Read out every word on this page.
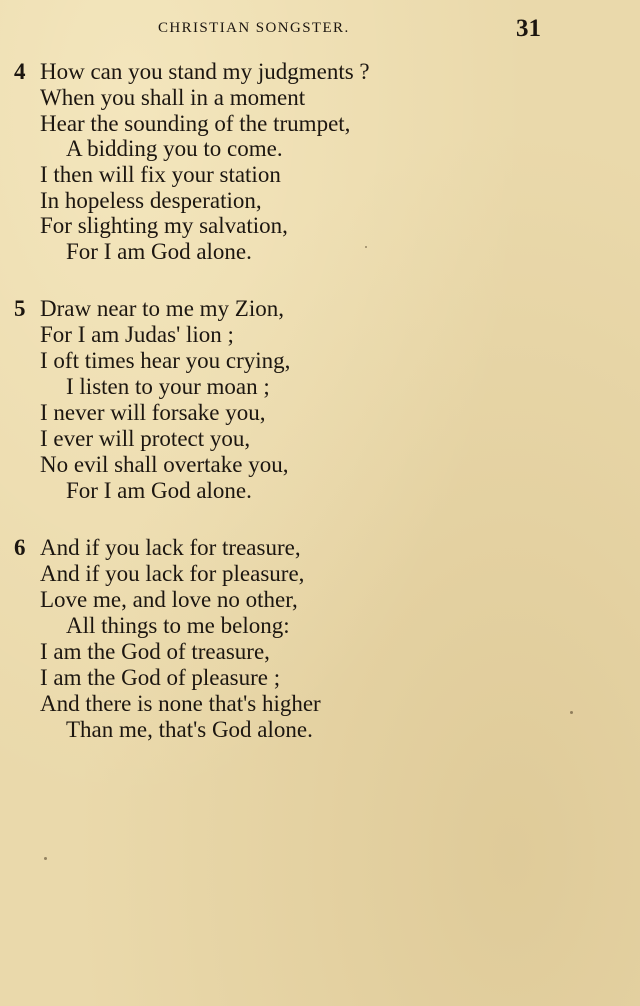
CHRISTIAN SONGSTER.	31
4 How can you stand my judgments ?
When you shall in a moment
Hear the sounding of the trumpet,
A bidding you to come.
I then will fix your station
In hopeless desperation,
For slighting my salvation,
For I am God alone.
5 Draw near to me my Zion,
For I am Judas' lion ;
I oft times hear you crying,
I listen to your moan ;
I never will forsake you,
I ever will protect you,
No evil shall overtake you,
For I am God alone.
6 And if you lack for treasure,
And if you lack for pleasure,
Love me, and love no other,
All things to me belong:
I am the God of treasure,
I am the God of pleasure ;
And there is none that's higher
Than me, that's God alone.
